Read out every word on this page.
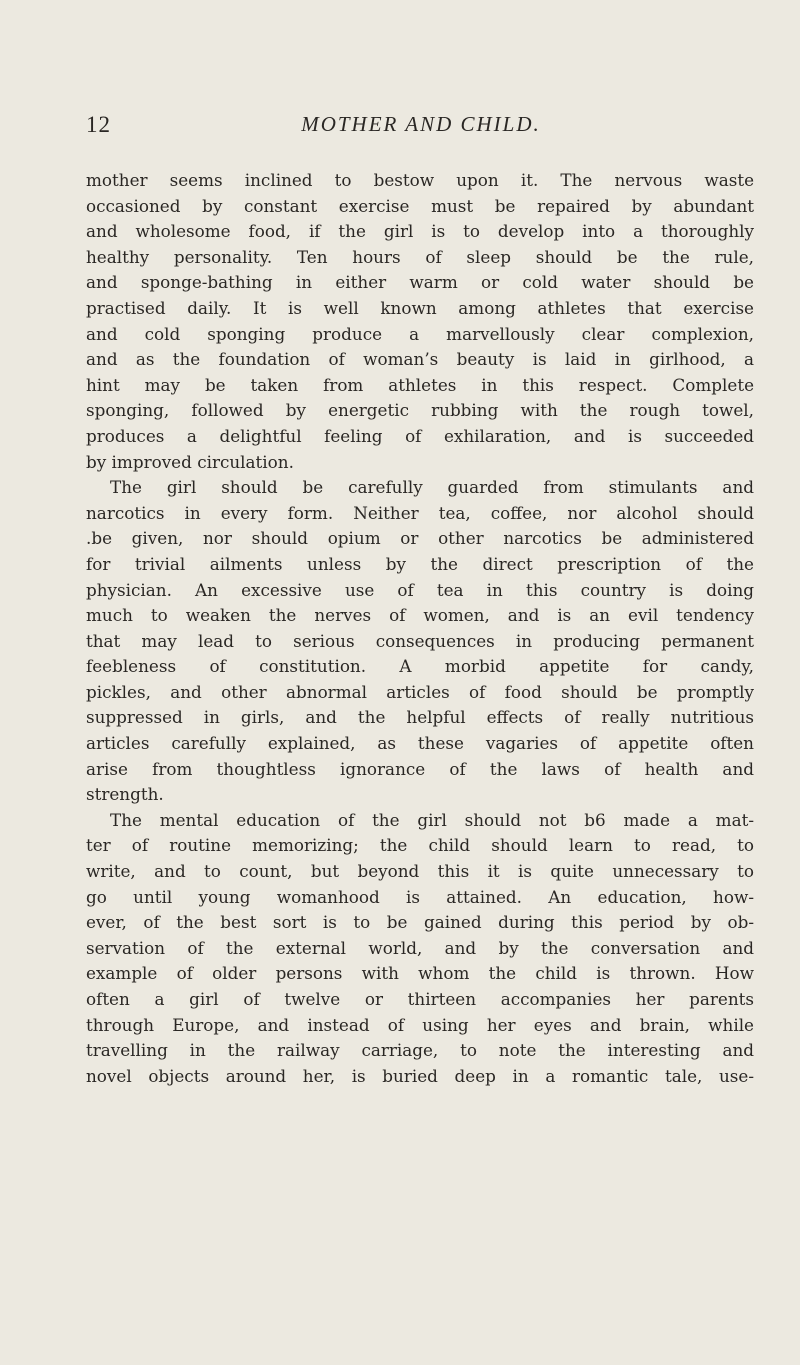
12	MOTHER AND CHILD.
mother seems inclined to bestow upon it. The nervous waste
occasioned by constant exercise must be repaired by abundant
and wholesome food, if the girl is to develop into a thoroughly
healthy personality. Ten hours of sleep should be the rule,
and sponge-bathing in either warm or cold water should be
practised daily. It is well known among athletes that exercise
and cold sponging produce a marvellously clear complexion,
and as the foundation of woman’s beauty is laid in girlhood, a
hint may be taken from athletes in this respect. Complete
sponging, followed by energetic rubbing with the rough towel,
produces a delightful feeling of exhilaration, and is succeeded
by improved circulation.
The girl should be carefully guarded from stimulants and
narcotics in every form. Neither tea, coffee, nor alcohol should
.be given, nor should opium or other narcotics be administered
for trivial ailments unless by the direct prescription of the
physician. An excessive use of tea in this country is doing
much to weaken the nerves of women, and is an evil tendency
that may lead to serious consequences in producing permanent
feebleness of constitution. A morbid appetite for candy,
pickles, and other abnormal articles of food should be promptly
suppressed in girls, and the helpful effects of really nutritious
articles carefully explained, as these vagaries of appetite often
arise from thoughtless ignorance of the laws of health and
strength.
The mental education of the girl should not b6 made a mat-
ter of routine memorizing; the child should learn to read, to
write, and to count, but beyond this it is quite unnecessary to
go until young womanhood is attained. An education, how-
ever, of the best sort is to be gained during this period by ob-
servation of the external world, and by the conversation and
example of older persons with whom the child is thrown. How
often a girl of twelve or thirteen accompanies her parents
through Europe, and instead of using her eyes and brain, while
travelling in the railway carriage, to note the interesting and
novel objects around her, is buried deep in a romantic tale, use-
